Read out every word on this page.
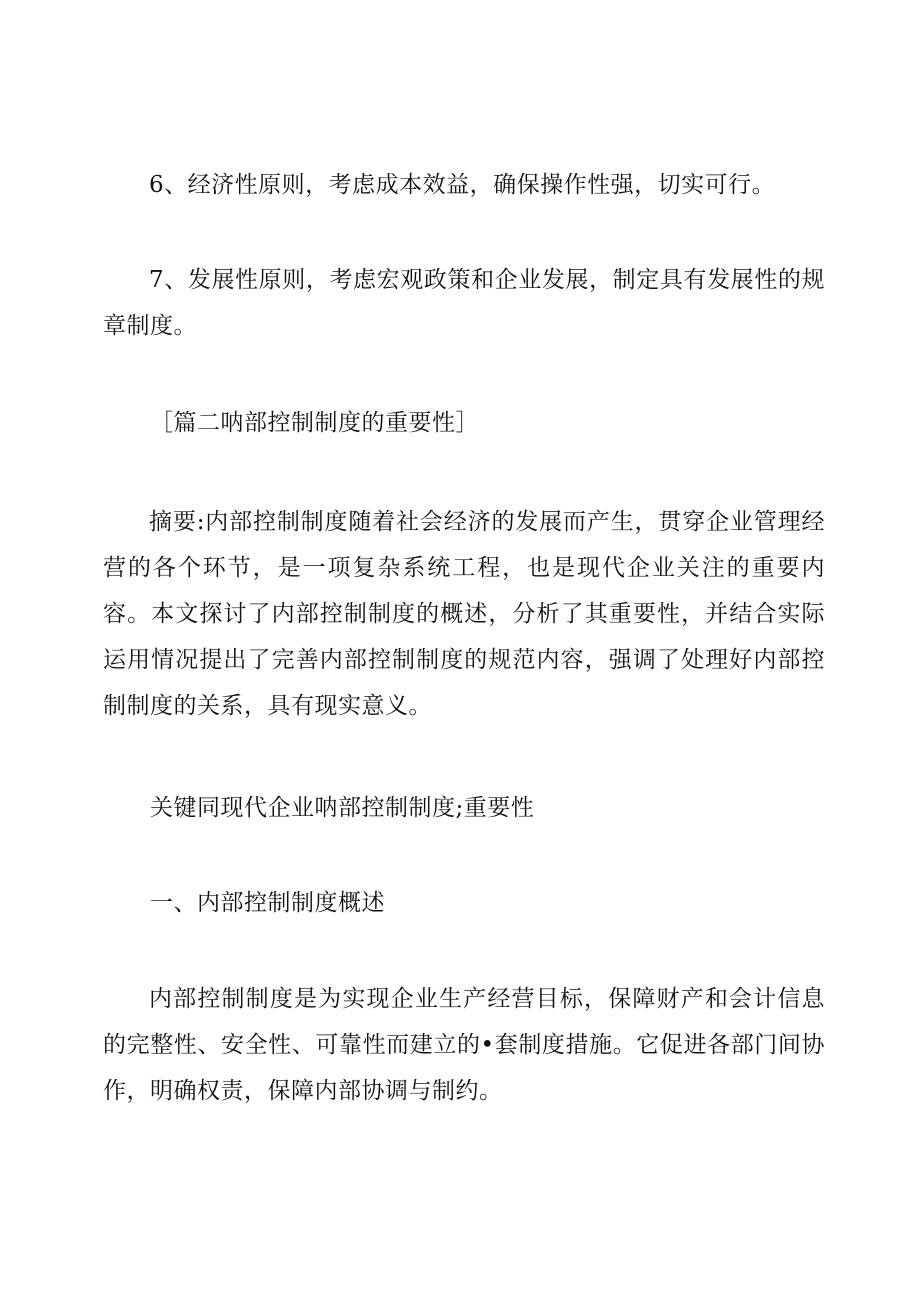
6、经济性原则，考虑成本效益，确保操作性强，切实可行。

7、发展性原则，考虑宏观政策和企业发展，制定具有发展性的规章制度。

［篇二呐部控制制度的重要性］

摘要:内部控制制度随着社会经济的发展而产生，贯穿企业管理经营的各个环节，是一项复杂系统工程，也是现代企业关注的重要内容。本文探讨了内部控制制度的概述，分析了其重要性，并结合实际运用情况提出了完善内部控制制度的规范内容，强调了处理好内部控制制度的关系，具有现实意义。

关键同现代企业呐部控制制度;重要性
一、内部控制制度概述

内部控制制度是为实现企业生产经营目标，保障财产和会计信息的完整性、安全性、可靠性而建立的•套制度措施。它促进各部门间协作，明确权责，保障内部协调与制约。
